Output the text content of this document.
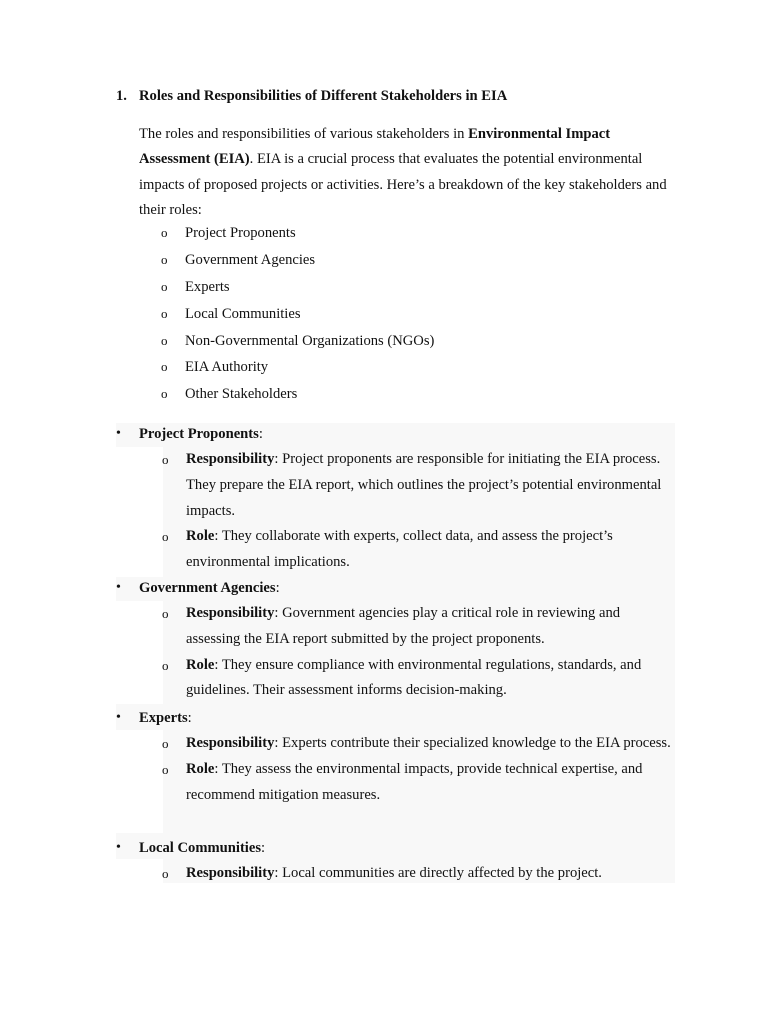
1. Roles and Responsibilities of Different Stakeholders in EIA
The roles and responsibilities of various stakeholders in Environmental Impact Assessment (EIA). EIA is a crucial process that evaluates the potential environmental impacts of proposed projects or activities. Here’s a breakdown of the key stakeholders and their roles:
o Project Proponents
o Government Agencies
o Experts
o Local Communities
o Non-Governmental Organizations (NGOs)
o EIA Authority
o Other Stakeholders
• Project Proponents:
o Responsibility: Project proponents are responsible for initiating the EIA process. They prepare the EIA report, which outlines the project’s potential environmental impacts.
o Role: They collaborate with experts, collect data, and assess the project’s environmental implications.
• Government Agencies:
o Responsibility: Government agencies play a critical role in reviewing and assessing the EIA report submitted by the project proponents.
o Role: They ensure compliance with environmental regulations, standards, and guidelines. Their assessment informs decision-making.
• Experts:
o Responsibility: Experts contribute their specialized knowledge to the EIA process.
o Role: They assess the environmental impacts, provide technical expertise, and recommend mitigation measures.
• Local Communities:
o Responsibility: Local communities are directly affected by the project.
